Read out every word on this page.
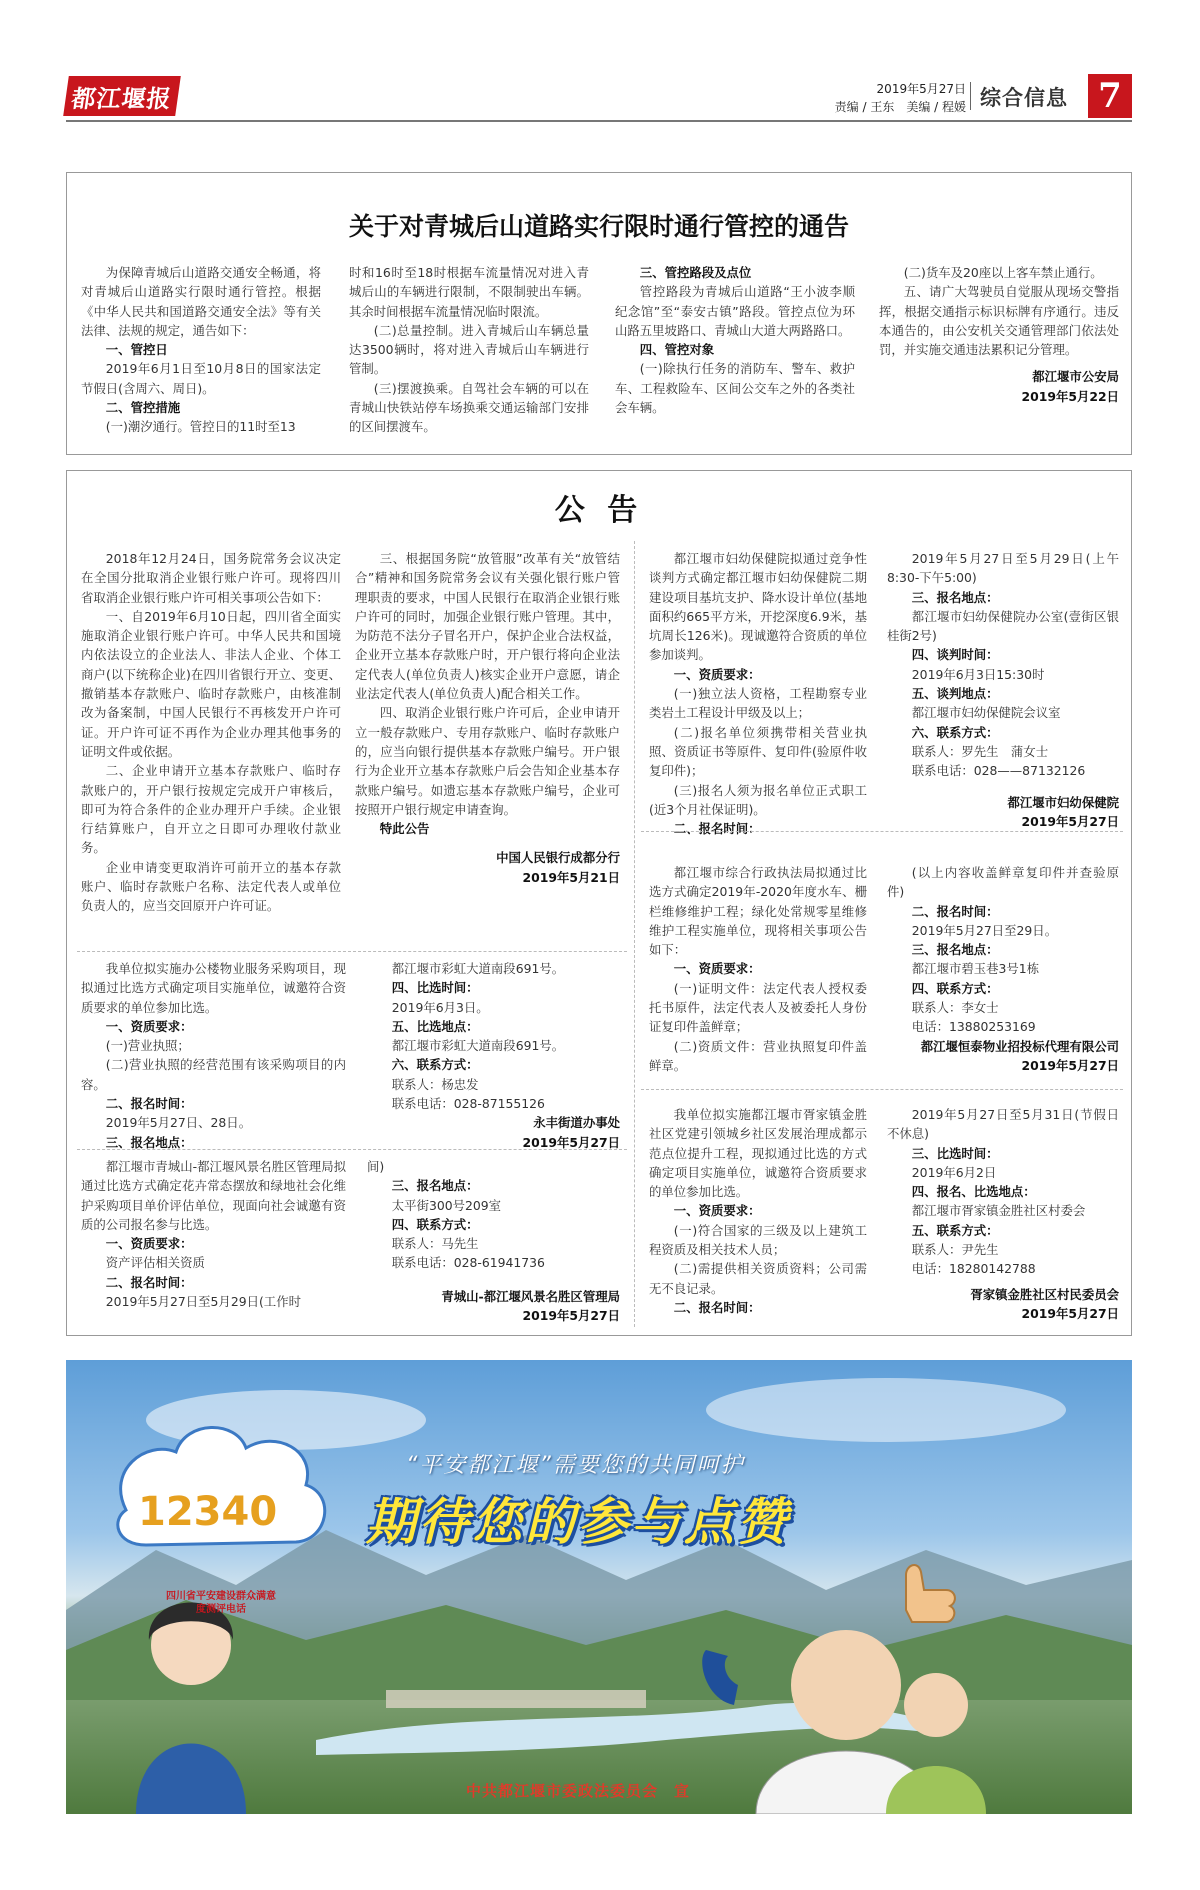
都江堰报	2019年5月27日
责编 / 王东　美编 / 程媛 综合信息 7
关于对青城后山道路实行限时通行管控的通告

为保障青城后山道路交通安全畅通，将对青城后山道路实行限时通行管控。根据《中华人民共和国道路交通安全法》等有关法律、法规的规定，通告如下：

一、管控日

2019年6月1日至10月8日的国家法定节假日(含周六、周日)。

二、管控措施

(一)潮汐通行。管控日的11时至13

时和16时至18时根据车流量情况对进入青城后山的车辆进行限制，不限制驶出车辆。其余时间根据车流量情况临时限流。

(二)总量控制。进入青城后山车辆总量达3500辆时，将对进入青城后山车辆进行管制。

(三)摆渡换乘。自驾社会车辆的可以在青城山快铁站停车场换乘交通运输部门安排的区间摆渡车。

三、管控路段及点位

管控路段为青城后山道路“王小波李顺纪念馆”至“泰安古镇”路段。管控点位为环山路五里坡路口、青城山大道大两路路口。

四、管控对象

(一)除执行任务的消防车、警车、救护车、工程救险车、区间公交车之外的各类社会车辆。

(二)货车及20座以上客车禁止通行。

五、请广大驾驶员自觉服从现场交警指挥，根据交通指示标识标牌有序通行。违反本通告的，由公安机关交通管理部门依法处罚，并实施交通违法累积记分管理。

都江堰市公安局

2019年5月22日

公 告

2018年12月24日，国务院常务会议决定在全国分批取消企业银行账户许可。现将四川省取消企业银行账户许可相关事项公告如下：

一、自2019年6月10日起，四川省全面实施取消企业银行账户许可。中华人民共和国境内依法设立的企业法人、非法人企业、个体工商户(以下统称企业)在四川省银行开立、变更、撤销基本存款账户、临时存款账户，由核准制改为备案制，中国人民银行不再核发开户许可证。开户许可证不再作为企业办理其他事务的证明文件或依据。

二、企业申请开立基本存款账户、临时存款账户的，开户银行按规定完成开户审核后，即可为符合条件的企业办理开户手续。企业银行结算账户，自开立之日即可办理收付款业务。

企业申请变更取消许可前开立的基本存款账户、临时存款账户名称、法定代表人或单位负责人的，应当交回原开户许可证。

三、根据国务院“放管服”改革有关“放管结合”精神和国务院常务会议有关强化银行账户管理职责的要求，中国人民银行在取消企业银行账户许可的同时，加强企业银行账户管理。其中，为防范不法分子冒名开户，保护企业合法权益，企业开立基本存款账户时，开户银行将向企业法定代表人(单位负责人)核实企业开户意愿，请企业法定代表人(单位负责人)配合相关工作。

四、取消企业银行账户许可后，企业申请开立一般存款账户、专用存款账户、临时存款账户的，应当向银行提供基本存款账户编号。开户银行为企业开立基本存款账户后会告知企业基本存款账户编号。如遗忘基本存款账户编号，企业可按照开户银行规定申请查询。

特此公告

中国人民银行成都分行

2019年5月21日

我单位拟实施办公楼物业服务采购项目，现拟通过比选方式确定项目实施单位，诚邀符合资质要求的单位参加比选。

一、资质要求：

(一)营业执照；

(二)营业执照的经营范围有该采购项目的内容。

二、报名时间：

2019年5月27日、28日。

三、报名地点：

都江堰市彩虹大道南段691号。

四、比选时间：

2019年6月3日。

五、比选地点：

都江堰市彩虹大道南段691号。

六、联系方式：

联系人：杨忠发

联系电话：028-87155126

永丰街道办事处

2019年5月27日

都江堰市青城山-都江堰风景名胜区管理局拟通过比选方式确定花卉常态摆放和绿地社会化维护采购项目单价评估单位，现面向社会诚邀有资质的公司报名参与比选。

一、资质要求：

资产评估相关资质

二、报名时间：

2019年5月27日至5月29日(工作时

间)

三、报名地点：

太平街300号209室

四、联系方式：

联系人：马先生

联系电话：028-61941736

青城山-都江堰风景名胜区管理局

2019年5月27日

都江堰市妇幼保健院拟通过竞争性谈判方式确定都江堰市妇幼保健院二期建设项目基坑支护、降水设计单位(基地面积约665平方米，开挖深度6.9米，基坑周长126米)。现诚邀符合资质的单位参加谈判。

一、资质要求：

(一)独立法人资格，工程勘察专业类岩土工程设计甲级及以上；

(二)报名单位须携带相关营业执照、资质证书等原件、复印件(验原件收复印件)；

(三)报名人须为报名单位正式职工(近3个月社保证明)。

二、报名时间：

2019年5月27日至5月29日(上午8:30-下午5:00)

三、报名地点：

都江堰市妇幼保健院办公室(壹街区银桂街2号)

四、谈判时间：

2019年6月3日15:30时

五、谈判地点：

都江堰市妇幼保健院会议室

六、联系方式：

联系人：罗先生　蒲女士

联系电话：028——87132126

都江堰市妇幼保健院

2019年5月27日

都江堰市综合行政执法局拟通过比选方式确定2019年-2020年度水车、栅栏维修维护工程；绿化处常规零星维修维护工程实施单位，现将相关事项公告如下：

一、资质要求：

(一)证明文件：法定代表人授权委托书原件，法定代表人及被委托人身份证复印件盖鲜章；

(二)资质文件：营业执照复印件盖鲜章。

(以上内容收盖鲜章复印件并查验原件)

二、报名时间：

2019年5月27日至29日。

三、报名地点：

都江堰市碧玉巷3号1栋

四、联系方式：

联系人：李女士

电话：13880253169

都江堰恒泰物业招投标代理有限公司

2019年5月27日

我单位拟实施都江堰市胥家镇金胜社区党建引领城乡社区发展治理成都示范点位提升工程，现拟通过比选的方式确定项目实施单位，诚邀符合资质要求的单位参加比选。

一、资质要求：

(一)符合国家的三级及以上建筑工程资质及相关技术人员；

(二)需提供相关资质资料；公司需无不良记录。

二、报名时间：

2019年5月27日至5月31日(节假日不休息)

三、比选时间：

2019年6月2日

四、报名、比选地点：

都江堰市胥家镇金胜社区村委会

五、联系方式：

联系人：尹先生

电话：18280142788

胥家镇金胜社区村民委员会

2019年5月27日

12340
四川省平安建设群众满意度测评电话
“平安都江堰”需要您的共同呵护
期待您的参与点赞
中共都江堰市委政法委员会　宣
